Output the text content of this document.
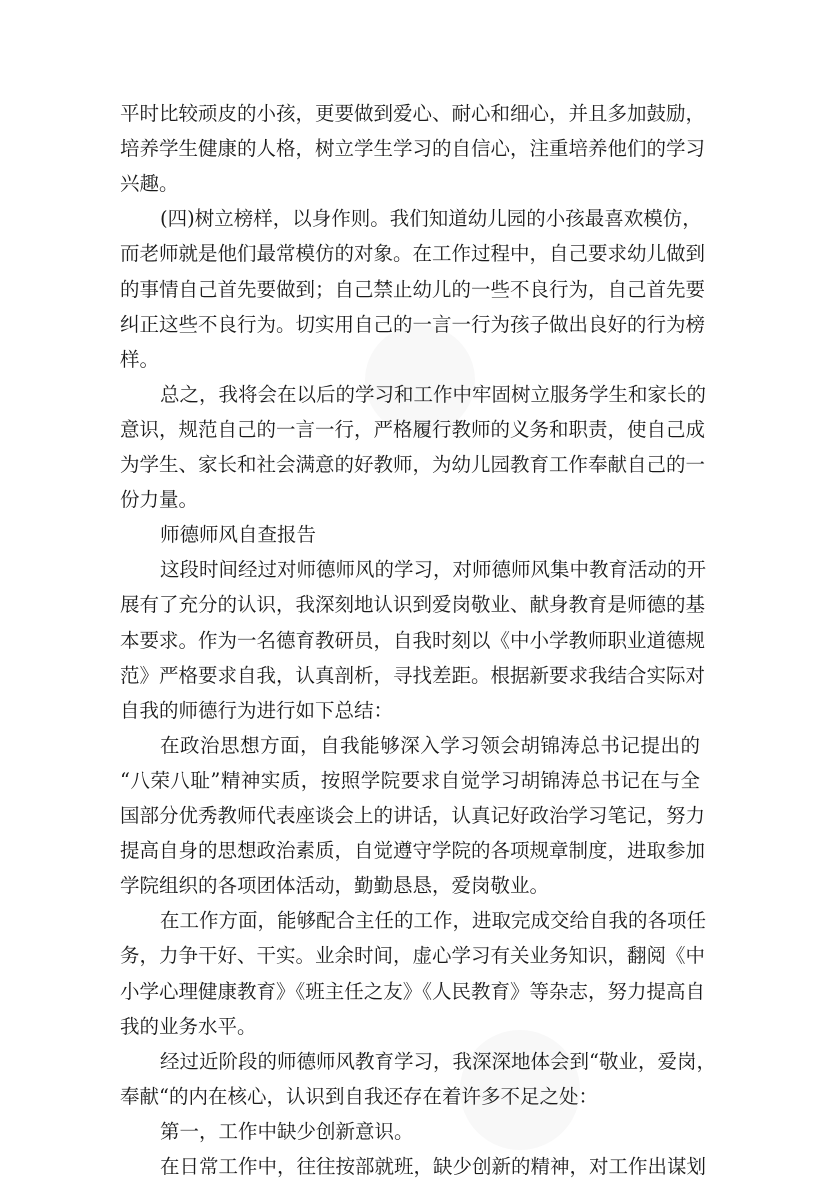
平时比较顽皮的小孩，更要做到爱心、耐心和细心，并且多加鼓励，
培养学生健康的人格，树立学生学习的自信心，注重培养他们的学习
兴趣。
(四)树立榜样，以身作则。我们知道幼儿园的小孩最喜欢模仿，
而老师就是他们最常模仿的对象。在工作过程中，自己要求幼儿做到
的事情自己首先要做到；自己禁止幼儿的一些不良行为，自己首先要
纠正这些不良行为。切实用自己的一言一行为孩子做出良好的行为榜
样。
总之，我将会在以后的学习和工作中牢固树立服务学生和家长的
意识，规范自己的一言一行，严格履行教师的义务和职责，使自己成
为学生、家长和社会满意的好教师，为幼儿园教育工作奉献自己的一
份力量。
师德师风自查报告
这段时间经过对师德师风的学习，对师德师风集中教育活动的开
展有了充分的认识，我深刻地认识到爱岗敬业、献身教育是师德的基
本要求。作为一名德育教研员，自我时刻以《中小学教师职业道德规
范》严格要求自我，认真剖析，寻找差距。根据新要求我结合实际对
自我的师德行为进行如下总结：
在政治思想方面，自我能够深入学习领会胡锦涛总书记提出的
“八荣八耻”精神实质，按照学院要求自觉学习胡锦涛总书记在与全
国部分优秀教师代表座谈会上的讲话，认真记好政治学习笔记，努力
提高自身的思想政治素质，自觉遵守学院的各项规章制度，进取参加
学院组织的各项团体活动，勤勤恳恳，爱岗敬业。
在工作方面，能够配合主任的工作，进取完成交给自我的各项任
务，力争干好、干实。业余时间，虚心学习有关业务知识，翻阅《中
小学心理健康教育》《班主任之友》《人民教育》等杂志，努力提高自
我的业务水平。
经过近阶段的师德师风教育学习，我深深地体会到“敬业，爱岗，
奉献“的内在核心，认识到自我还存在着许多不足之处：
第一，工作中缺少创新意识。
在日常工作中，往往按部就班，缺少创新的精神，对工作出谋划
